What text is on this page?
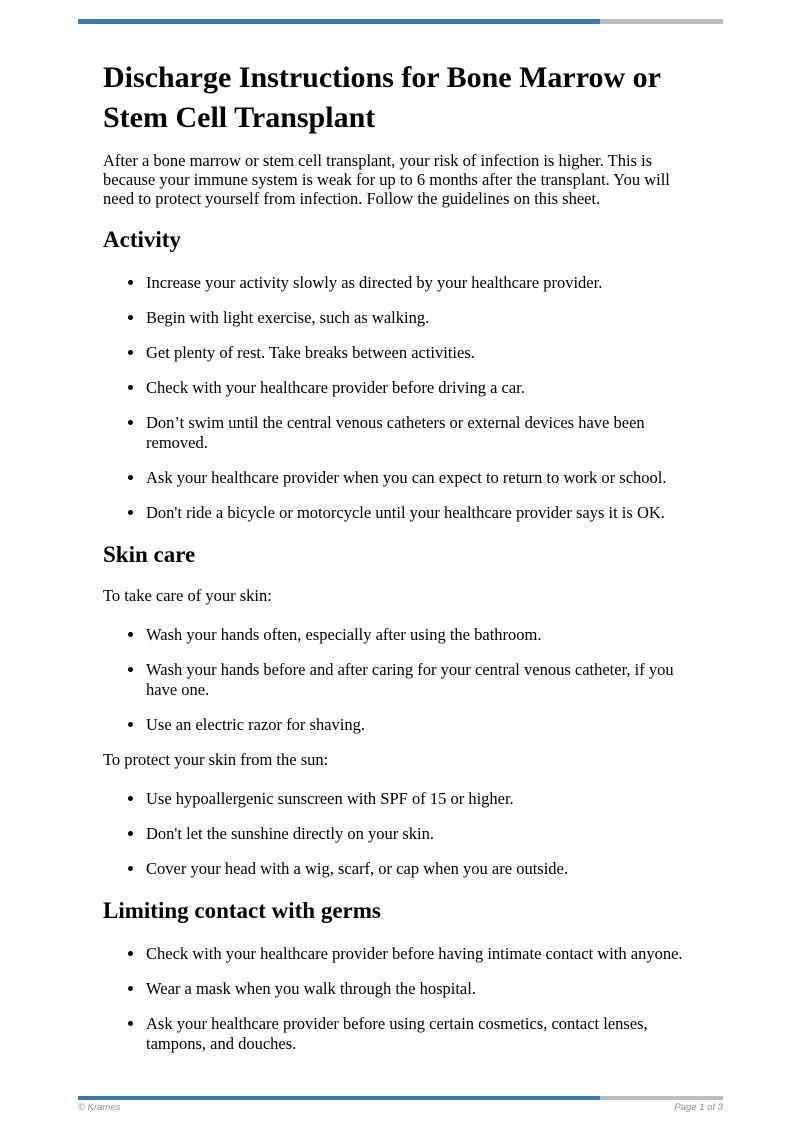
Discharge Instructions for Bone Marrow or Stem Cell Transplant

After a bone marrow or stem cell transplant, your risk of infection is higher. This is because your immune system is weak for up to 6 months after the transplant. You will need to protect yourself from infection. Follow the guidelines on this sheet.

Activity
• Increase your activity slowly as directed by your healthcare provider.
• Begin with light exercise, such as walking.
• Get plenty of rest. Take breaks between activities.
• Check with your healthcare provider before driving a car.
• Don’t swim until the central venous catheters or external devices have been removed.
• Ask your healthcare provider when you can expect to return to work or school.
• Don't ride a bicycle or motorcycle until your healthcare provider says it is OK.
Skin care

To take care of your skin:

• Wash your hands often, especially after using the bathroom.
• Wash your hands before and after caring for your central venous catheter, if you have one.
• Use an electric razor for shaving.

To protect your skin from the sun:

• Use hypoallergenic sunscreen with SPF of 15 or higher.
• Don't let the sunshine directly on your skin.
• Cover your head with a wig, scarf, or cap when you are outside.
Limiting contact with germs
• Check with your healthcare provider before having intimate contact with anyone.
• Wear a mask when you walk through the hospital.
• Ask your healthcare provider before using certain cosmetics, contact lenses, tampons, and douches.
© Krames	Page 1 of 3
